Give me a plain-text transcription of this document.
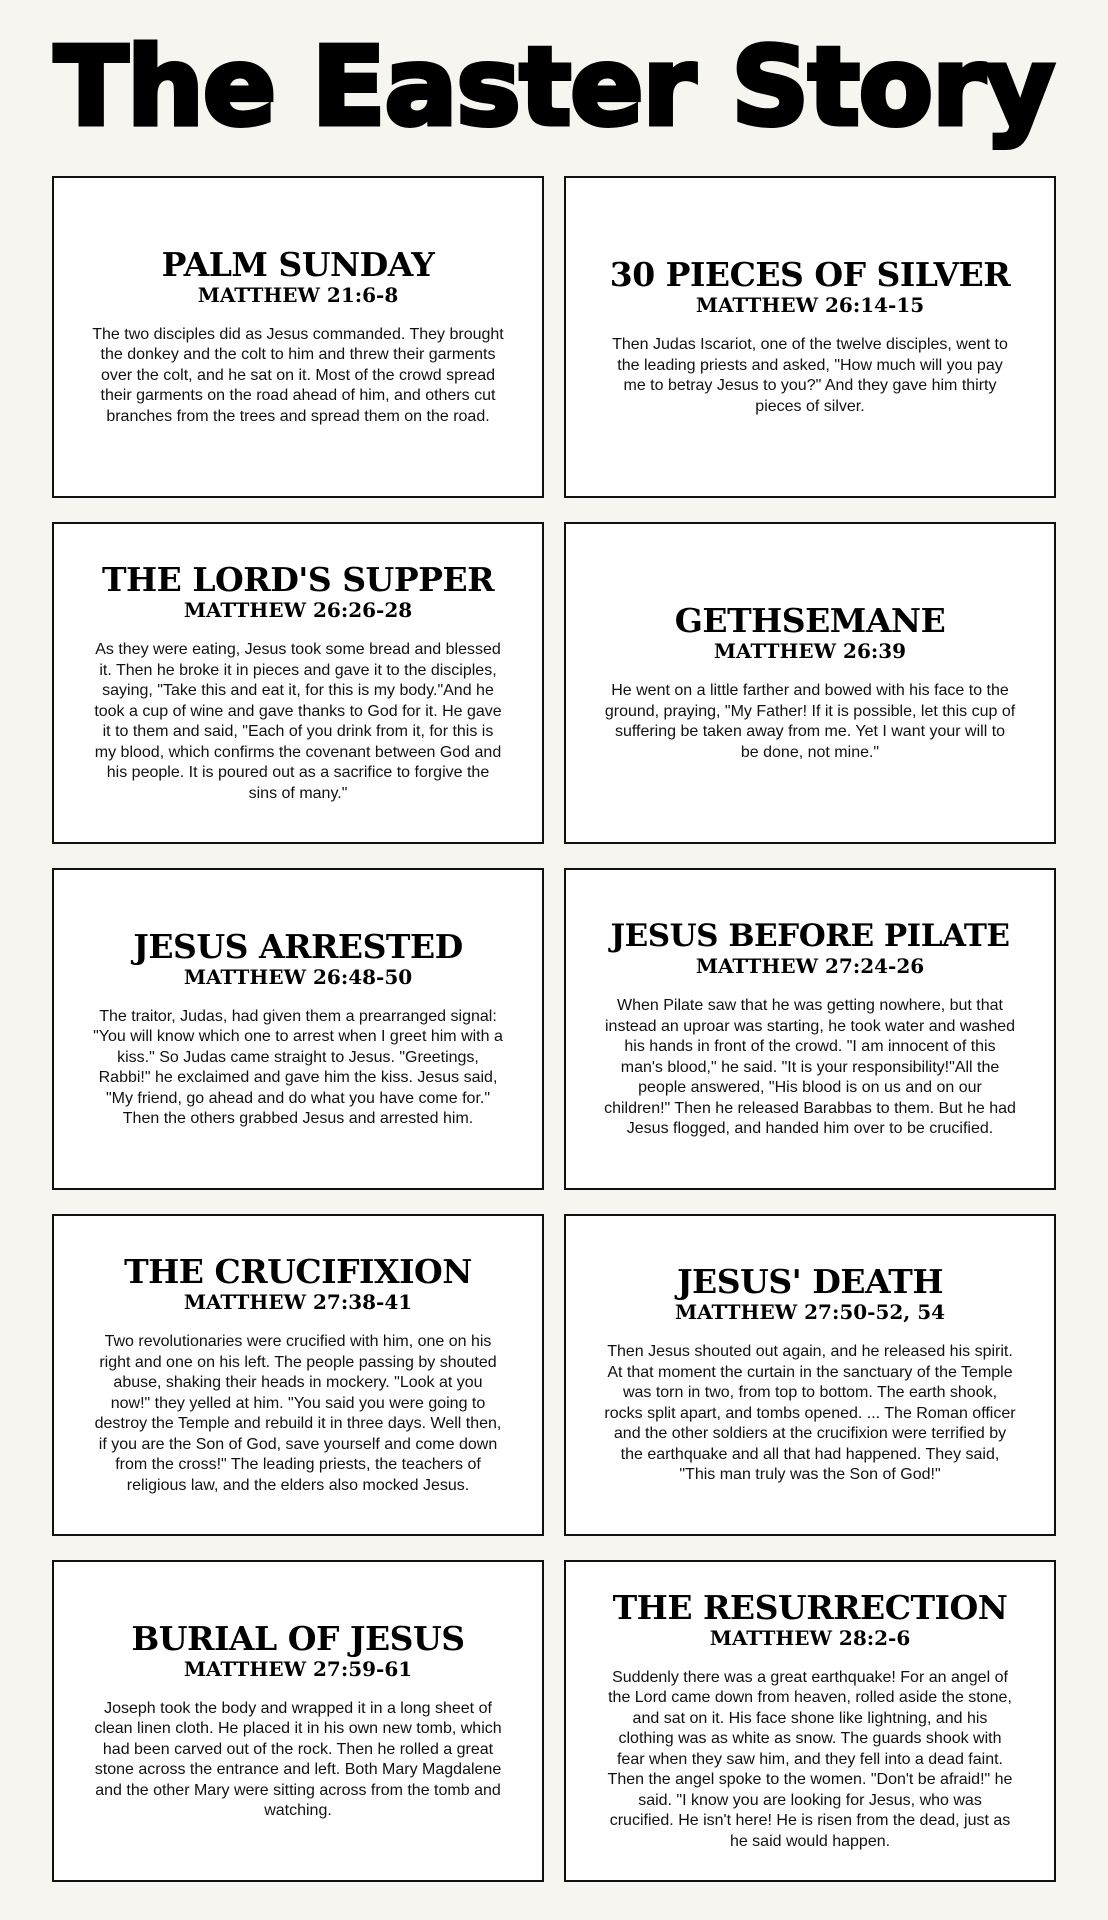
The Easter Story
PALM SUNDAY
MATTHEW 21:6-8
The two disciples did as Jesus commanded. They brought the donkey and the colt to him and threw their garments over the colt, and he sat on it. Most of the crowd spread their garments on the road ahead of him, and others cut branches from the trees and spread them on the road.
30 PIECES OF SILVER
MATTHEW 26:14-15
Then Judas Iscariot, one of the twelve disciples, went to the leading priests and asked, "How much will you pay me to betray Jesus to you?" And they gave him thirty pieces of silver.
THE LORD'S SUPPER
MATTHEW 26:26-28
As they were eating, Jesus took some bread and blessed it. Then he broke it in pieces and gave it to the disciples, saying, "Take this and eat it, for this is my body."And he took a cup of wine and gave thanks to God for it. He gave it to them and said, "Each of you drink from it, for this is my blood, which confirms the covenant between God and his people. It is poured out as a sacrifice to forgive the sins of many."
GETHSEMANE
MATTHEW 26:39
He went on a little farther and bowed with his face to the ground, praying, "My Father! If it is possible, let this cup of suffering be taken away from me. Yet I want your will to be done, not mine."
JESUS ARRESTED
MATTHEW 26:48-50
The traitor, Judas, had given them a prearranged signal: "You will know which one to arrest when I greet him with a kiss." So Judas came straight to Jesus. "Greetings, Rabbi!" he exclaimed and gave him the kiss. Jesus said, "My friend, go ahead and do what you have come for." Then the others grabbed Jesus and arrested him.
JESUS BEFORE PILATE
MATTHEW 27:24-26
When Pilate saw that he was getting nowhere, but that instead an uproar was starting, he took water and washed his hands in front of the crowd. "I am innocent of this man's blood," he said. "It is your responsibility!"All the people answered, "His blood is on us and on our children!" Then he released Barabbas to them. But he had Jesus flogged, and handed him over to be crucified.
THE CRUCIFIXION
MATTHEW 27:38-41
Two revolutionaries were crucified with him, one on his right and one on his left. The people passing by shouted abuse, shaking their heads in mockery. "Look at you now!" they yelled at him. "You said you were going to destroy the Temple and rebuild it in three days. Well then, if you are the Son of God, save yourself and come down from the cross!" The leading priests, the teachers of religious law, and the elders also mocked Jesus.
JESUS' DEATH
MATTHEW 27:50-52, 54
Then Jesus shouted out again, and he released his spirit. At that moment the curtain in the sanctuary of the Temple was torn in two, from top to bottom. The earth shook, rocks split apart, and tombs opened. ... The Roman officer and the other soldiers at the crucifixion were terrified by the earthquake and all that had happened. They said, "This man truly was the Son of God!"
BURIAL OF JESUS
MATTHEW 27:59-61
Joseph took the body and wrapped it in a long sheet of clean linen cloth. He placed it in his own new tomb, which had been carved out of the rock. Then he rolled a great stone across the entrance and left. Both Mary Magdalene and the other Mary were sitting across from the tomb and watching.
THE RESURRECTION
MATTHEW 28:2-6
Suddenly there was a great earthquake! For an angel of the Lord came down from heaven, rolled aside the stone, and sat on it. His face shone like lightning, and his clothing was as white as snow. The guards shook with fear when they saw him, and they fell into a dead faint. Then the angel spoke to the women. "Don't be afraid!" he said. "I know you are looking for Jesus, who was crucified. He isn't here! He is risen from the dead, just as he said would happen.
